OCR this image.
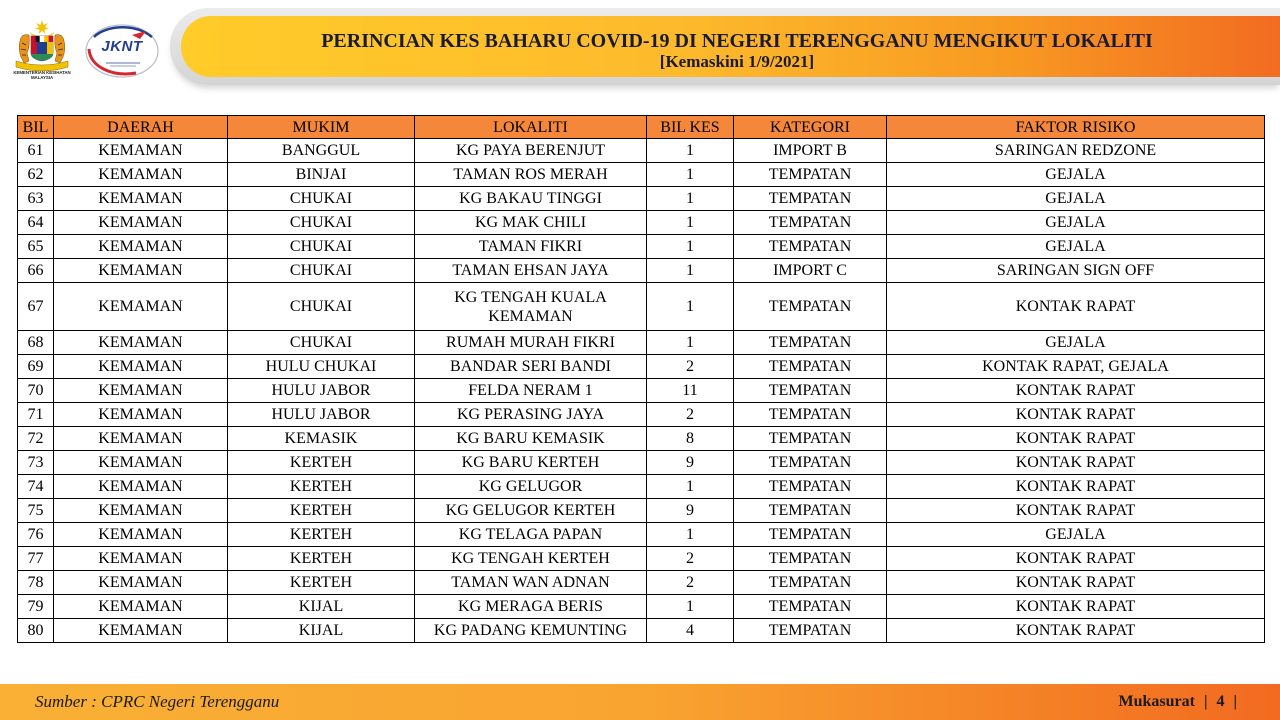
KEMENTERIAN KESIHATAN
MALAYSIA
JKNT	PERINCIAN KES BAHARU COVID-19 DI NEGERI TERENGGANU MENGIKUT LOKALITI
[Kemaskini 1/9/2021]
BIL	DAERAH	MUKIM	LOKALITI	BIL KES	KATEGORI	FAKTOR RISIKO
61	KEMAMAN	BANGGUL	KG PAYA BERENJUT	1	IMPORT B	SARINGAN REDZONE
62	KEMAMAN	BINJAI	TAMAN ROS MERAH	1	TEMPATAN	GEJALA
63	KEMAMAN	CHUKAI	KG BAKAU TINGGI	1	TEMPATAN	GEJALA
64	KEMAMAN	CHUKAI	KG MAK CHILI	1	TEMPATAN	GEJALA
65	KEMAMAN	CHUKAI	TAMAN FIKRI	1	TEMPATAN	GEJALA
66	KEMAMAN	CHUKAI	TAMAN EHSAN JAYA	1	IMPORT C	SARINGAN SIGN OFF
67	KEMAMAN	CHUKAI	KG TENGAH KUALA KEMAMAN	1	TEMPATAN	KONTAK RAPAT
68	KEMAMAN	CHUKAI	RUMAH MURAH FIKRI	1	TEMPATAN	GEJALA
69	KEMAMAN	HULU CHUKAI	BANDAR SERI BANDI	2	TEMPATAN	KONTAK RAPAT, GEJALA
70	KEMAMAN	HULU JABOR	FELDA NERAM 1	11	TEMPATAN	KONTAK RAPAT
71	KEMAMAN	HULU JABOR	KG PERASING JAYA	2	TEMPATAN	KONTAK RAPAT
72	KEMAMAN	KEMASIK	KG BARU KEMASIK	8	TEMPATAN	KONTAK RAPAT
73	KEMAMAN	KERTEH	KG BARU KERTEH	9	TEMPATAN	KONTAK RAPAT
74	KEMAMAN	KERTEH	KG GELUGOR	1	TEMPATAN	KONTAK RAPAT
75	KEMAMAN	KERTEH	KG GELUGOR KERTEH	9	TEMPATAN	KONTAK RAPAT
76	KEMAMAN	KERTEH	KG TELAGA PAPAN	1	TEMPATAN	GEJALA
77	KEMAMAN	KERTEH	KG TENGAH KERTEH	2	TEMPATAN	KONTAK RAPAT
78	KEMAMAN	KERTEH	TAMAN WAN ADNAN	2	TEMPATAN	KONTAK RAPAT
79	KEMAMAN	KIJAL	KG MERAGA BERIS	1	TEMPATAN	KONTAK RAPAT
80	KEMAMAN	KIJAL	KG PADANG KEMUNTING	4	TEMPATAN	KONTAK RAPAT
Sumber : CPRC Negeri Terengganu	Mukasurat | 4 |
